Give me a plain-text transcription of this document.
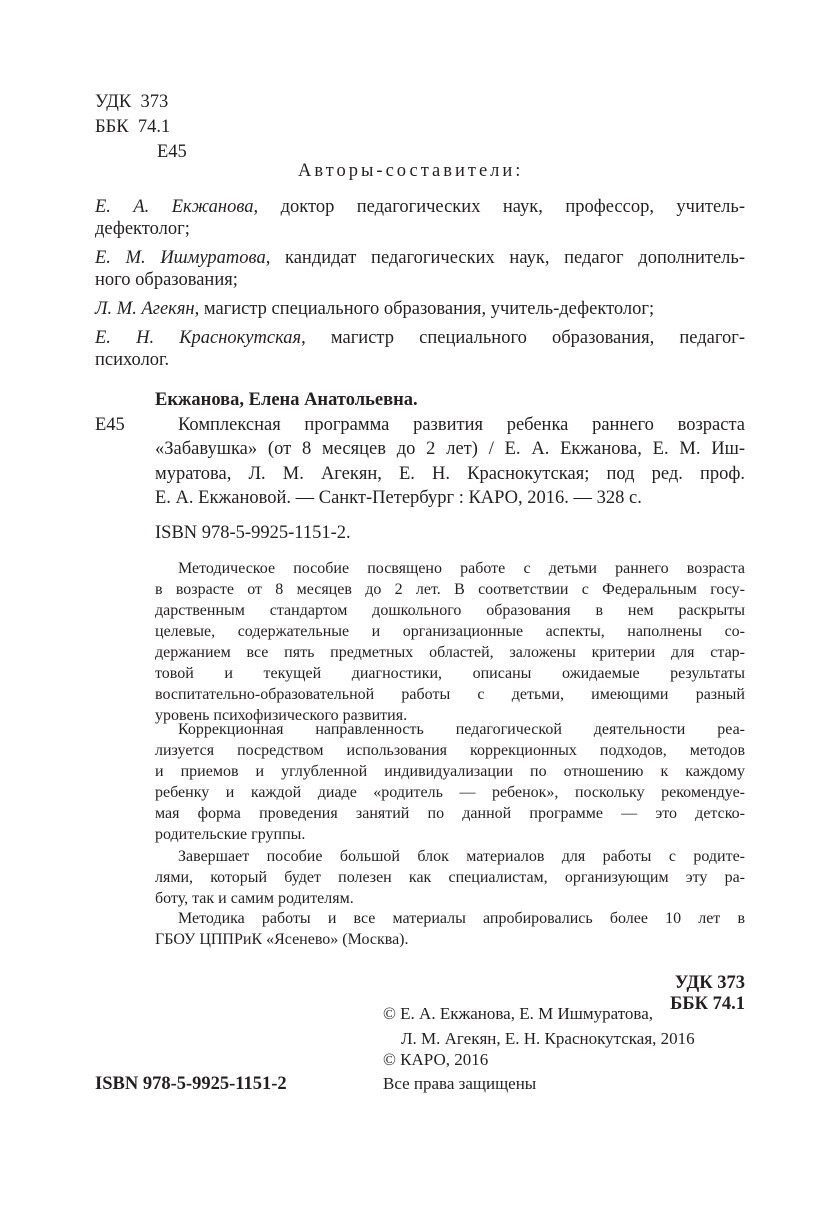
УДК 373
ББК 74.1
Е45
Авторы-составители:
Е. А. Екжанова, доктор педагогических наук, профессор, учитель-
дефектолог;
Е. М. Ишмуратова, кандидат педагогических наук, педагог дополнитель-
ного образования;
Л. М. Агекян, магистр специального образования, учитель-дефектолог;
Е. Н. Краснокутская, магистр специального образования, педагог-
психолог.
Екжанова, Елена Анатольевна.
Е45	Комплексная программа развития ребенка раннего возраста
«Забавушка» (от 8 месяцев до 2 лет) / Е. А. Екжанова, Е. М. Иш-
муратова, Л. М. Агекян, Е. Н. Краснокутская; под ред. проф.
Е. А. Екжановой. — Санкт-Петербург : КАРО, 2016. — 328 с.
ISBN 978-5-9925-1151-2.
Методическое пособие посвящено работе с детьми раннего возраста
в возрасте от 8 месяцев до 2 лет. В соответствии с Федеральным госу-
дарственным стандартом дошкольного образования в нем раскрыты
целевые, содержательные и организационные аспекты, наполнены со-
держанием все пять предметных областей, заложены критерии для стар-
товой и текущей диагностики, описаны ожидаемые результаты
воспитательно-образовательной работы с детьми, имеющими разный
уровень психофизического развития.
Коррекционная направленность педагогической деятельности реа-
лизуется посредством использования коррекционных подходов, методов
и приемов и углубленной индивидуализации по отношению к каждому
ребенку и каждой диаде «родитель — ребенок», поскольку рекомендуе-
мая форма проведения занятий по данной программе — это детско-
родительские группы.
Завершает пособие большой блок материалов для работы с родите-
лями, который будет полезен как специалистам, организующим эту ра-
боту, так и самим родителям.
Методика работы и все материалы апробировались более 10 лет в
ГБОУ ЦППРиК «Ясенево» (Москва).
УДК 373
ББК 74.1
© Е. А. Екжанова, Е. М Ишмуратова,
Л. М. Агекян, Е. Н. Краснокутская, 2016
© КАРО, 2016
Все права защищены
ISBN 978-5-9925-1151-2
